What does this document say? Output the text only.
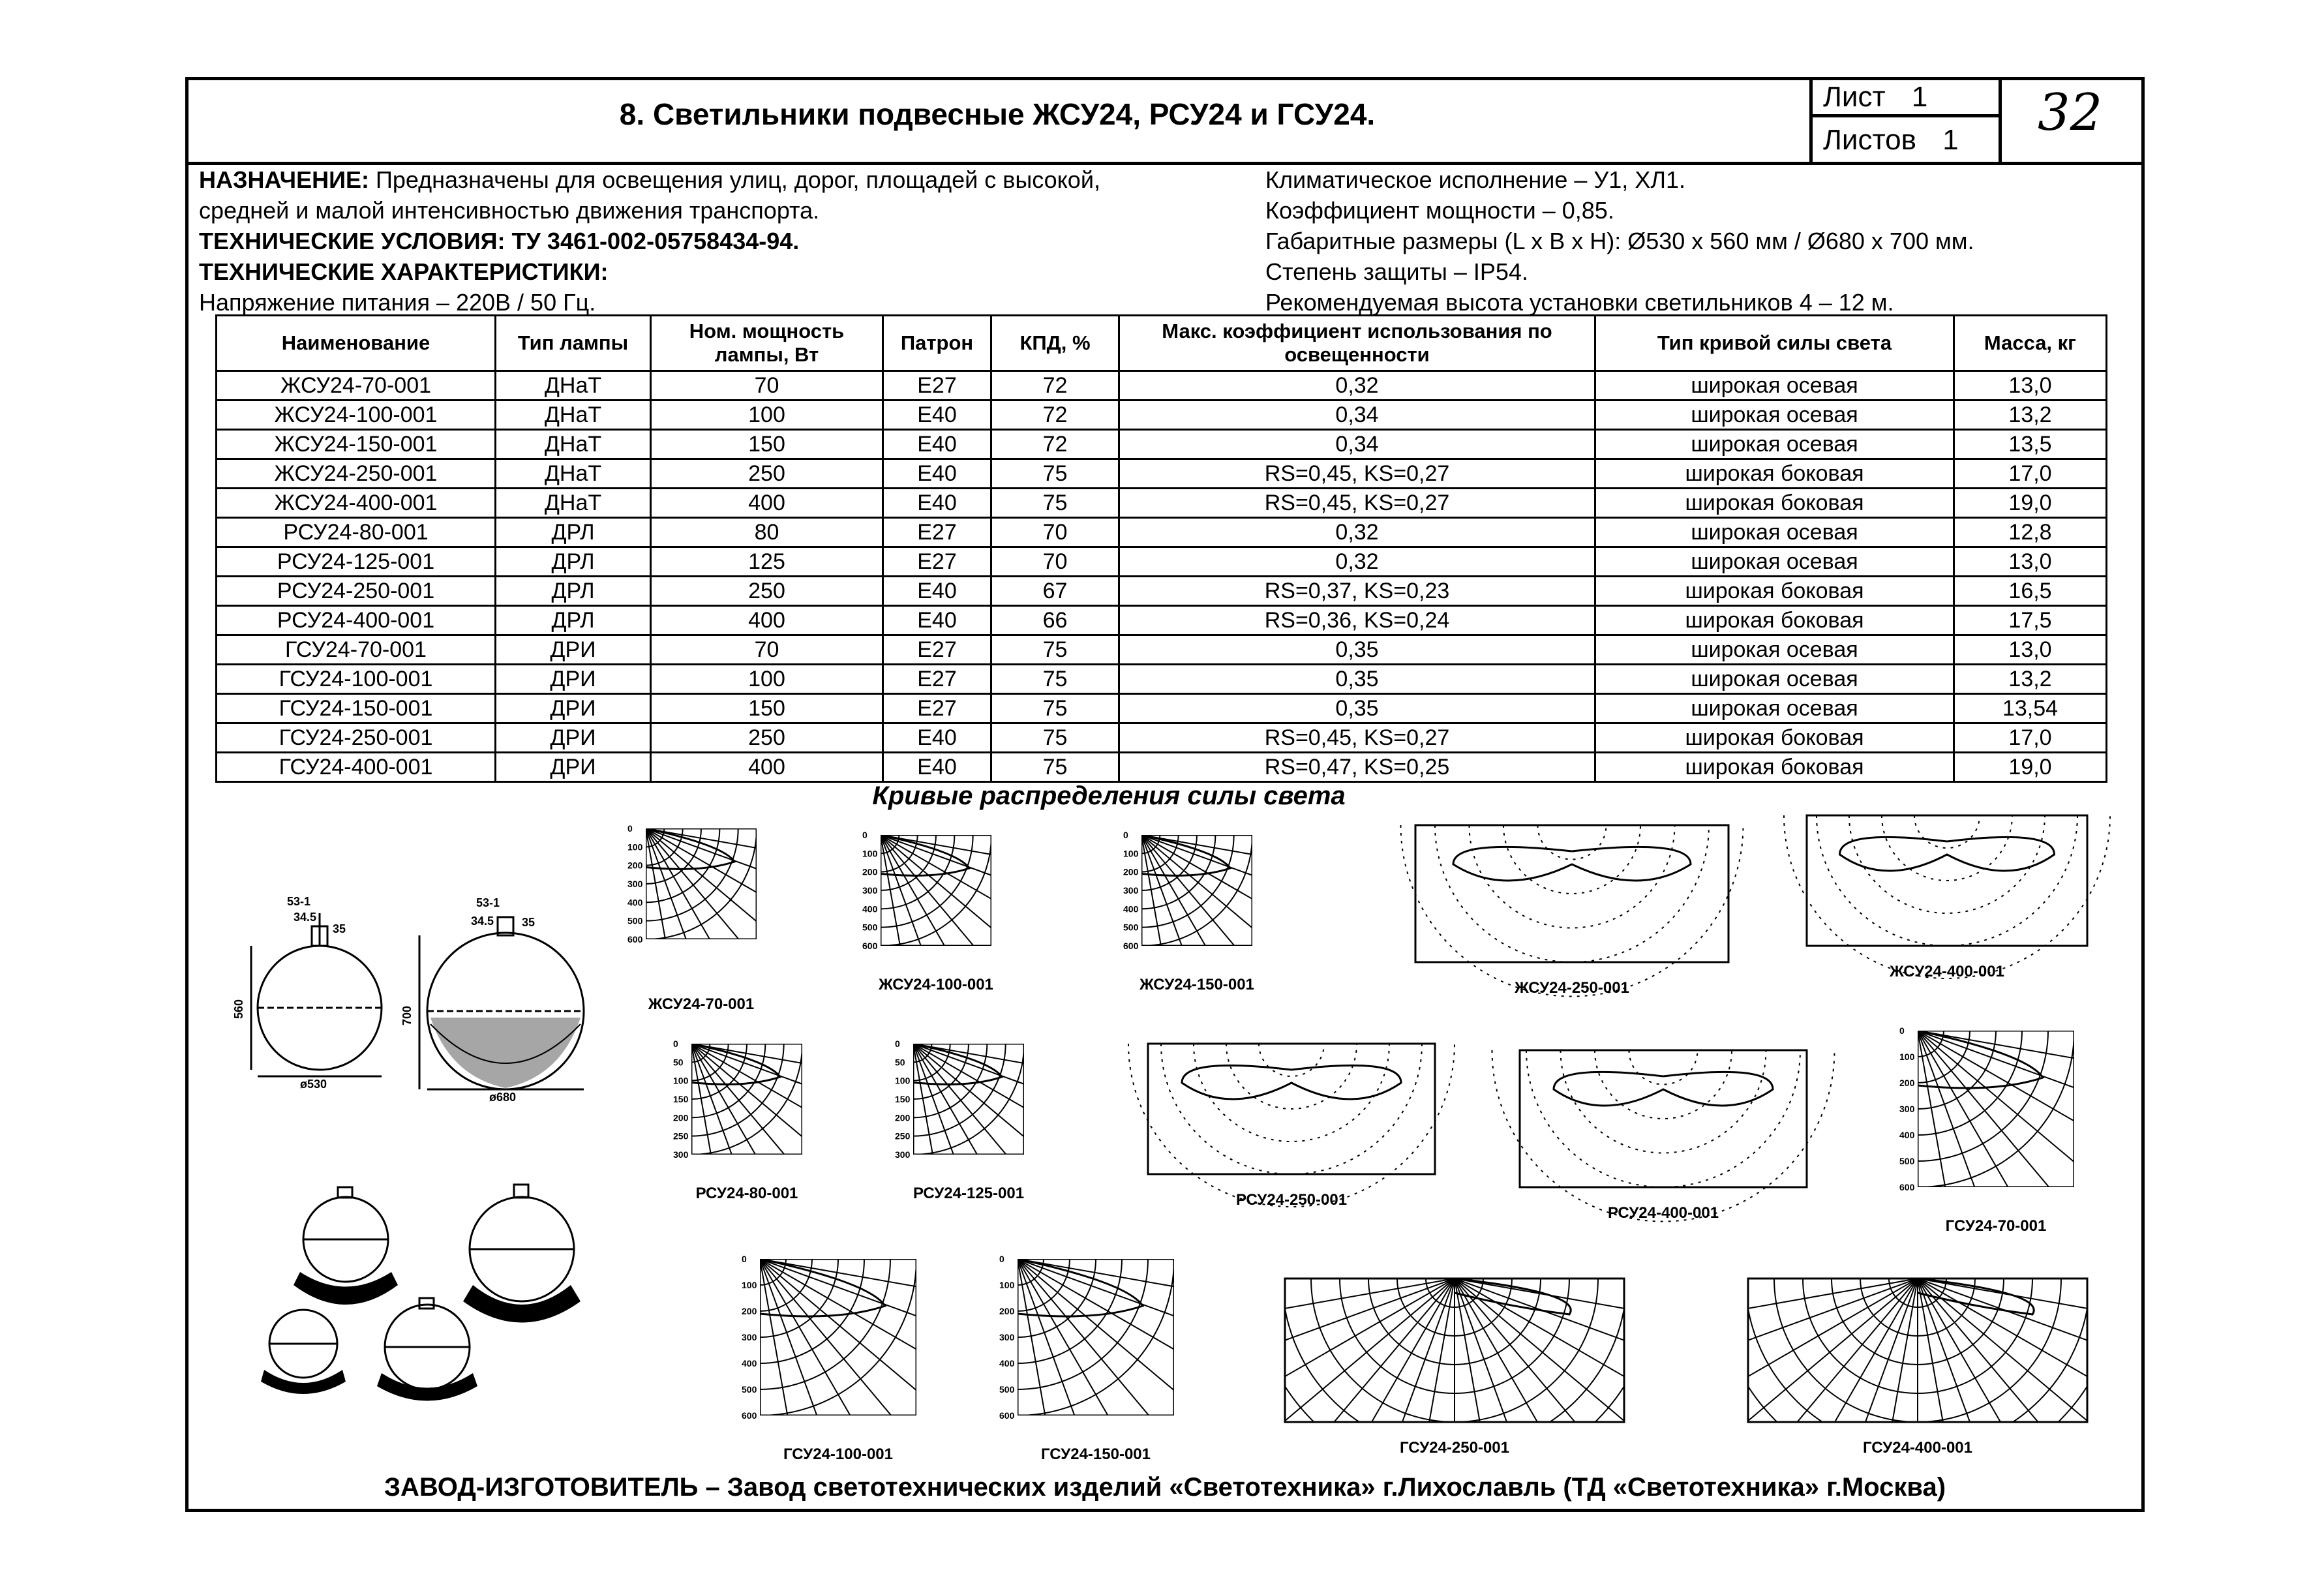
8. Светильники подвесные ЖСУ24, РСУ24 и ГСУ24.
Лист 1
Листов 1	32
НАЗНАЧЕНИЕ: Предназначены для освещения улиц, дорог, площадей с высокой,
средней и малой интенсивностью движения транспорта.
ТЕХНИЧЕСКИЕ УСЛОВИЯ: ТУ 3461-002-05758434-94.
ТЕХНИЧЕСКИЕ ХАРАКТЕРИСТИКИ:
Напряжение питания – 220В / 50 Гц.
Климатическое исполнение – У1, ХЛ1.
Коэффициент мощности – 0,85.
Габаритные размеры (L x B x H): Ø530 x 560 мм / Ø680 x 700 мм.
Степень защиты – IP54.
Рекомендуемая высота установки светильников 4 – 12 м.
Наименование	Тип лампы	Ном. мощность лампы, Вт	Патрон	КПД, %	Макс. коэффициент использования по освещенности	Тип кривой силы света	Масса, кг
ЖСУ24-70-001	ДНаТ	70	Е27	72	0,32	широкая осевая	13,0
ЖСУ24-100-001	ДНаТ	100	Е40	72	0,34	широкая осевая	13,2
ЖСУ24-150-001	ДНаТ	150	Е40	72	0,34	широкая осевая	13,5
ЖСУ24-250-001	ДНаТ	250	Е40	75	RS=0,45, KS=0,27	широкая боковая	17,0
ЖСУ24-400-001	ДНаТ	400	Е40	75	RS=0,45, KS=0,27	широкая боковая	19,0
РСУ24-80-001	ДРЛ	80	Е27	70	0,32	широкая осевая	12,8
РСУ24-125-001	ДРЛ	125	Е27	70	0,32	широкая осевая	13,0
РСУ24-250-001	ДРЛ	250	Е40	67	RS=0,37, KS=0,23	широкая боковая	16,5
РСУ24-400-001	ДРЛ	400	Е40	66	RS=0,36, KS=0,24	широкая боковая	17,5
ГСУ24-70-001	ДРИ	70	Е27	75	0,35	широкая осевая	13,0
ГСУ24-100-001	ДРИ	100	Е27	75	0,35	широкая осевая	13,2
ГСУ24-150-001	ДРИ	150	Е27	75	0,35	широкая осевая	13,54
ГСУ24-250-001	ДРИ	250	Е40	75	RS=0,45, KS=0,27	широкая боковая	17,0
ГСУ24-400-001	ДРИ	400	Е40	75	RS=0,47, KS=0,25	широкая боковая	19,0
Кривые распределения силы света
ø530
ø680
560	700
53-1
34.5
53-1
34.5
35	35
0
100
200
300
400
500
600
ЖСУ24-70-001
0
100
200
300
400
500
600
ЖСУ24-100-001
0
100
200
300
400
500
600
ЖСУ24-150-001	ЖСУ24-250-001
ЖСУ24-400-001
0
50
100
150
200
250
300
РСУ24-80-001
0
50
100
150
200
250
300
РСУ24-125-001	РСУ24-250-001
РСУ24-400-001
0
100
200
300
400
500
600
ГСУ24-70-001
0
100
200
300
400
500
600
ГСУ24-100-001
0
100
200
300
400
500
600
ГСУ24-150-001	ГСУ24-250-001	ГСУ24-400-001
ЗАВОД-ИЗГОТОВИТЕЛЬ – Завод светотехнических изделий «Светотехника» г.Лихославль (ТД «Светотехника» г.Москва)
